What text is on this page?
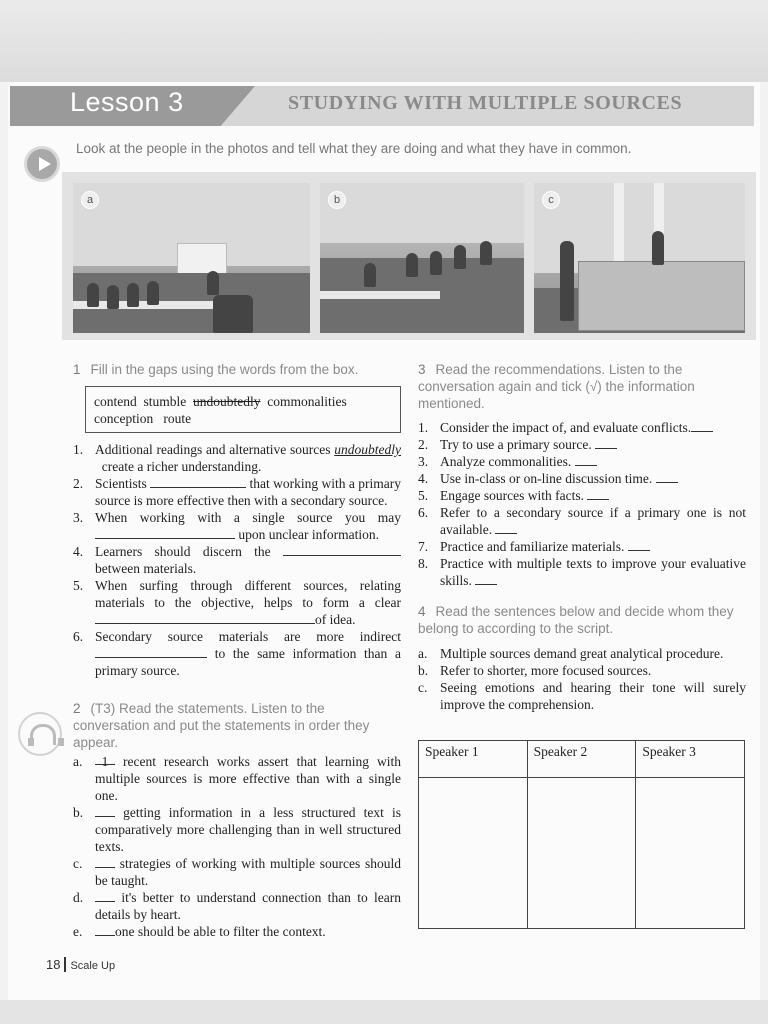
Lesson 3	STUDYING WITH MULTIPLE SOURCES
Look at the people in the photos and tell what they are doing and what they have in common.
a	b	c
1 Fill in the gaps using the words from the box.
contend stumble undoubtedly commonalities
conception route
1. Additional readings and alternative sources undoubtedly   create a richer understanding.
2. Scientists	that working with a primary source is more effective then with a secondary source.
3. When working with a single source you may  upon unclear information.
4. Learners should discern the  between materials.
5. When surfing through different sources, relating materials to the objective, helps to form a clear of idea.
6. Secondary source materials are more indirect  to the same information than a primary source.
2 (T3) Read the statements. Listen to the conversation and put the statements in order they appear.
a. 1 recent research works assert that learning with multiple sources is more effective than with a single one.
b.	getting information in a less structured text is comparatively more challenging than in well structured texts.
c.	strategies of working with multiple sources should be taught.
d.	it's better to understand connection than to learn details by heart.
e. one should be able to filter the context.
3 Read the recommendations. Listen to the conversation again and tick (√) the information mentioned.
1. Consider the impact of, and evaluate conflicts.
2. Try to use a primary source.
3. Analyze commonalities.
4. Use in-class or on-line discussion time.
5. Engage sources with facts.
6. Refer to a secondary source if a primary one is not available.
7. Practice and familiarize materials.
8. Practice with multiple texts to improve your evaluative skills.
4 Read the sentences below and decide whom they belong to according to the script.
a. Multiple sources demand great analytical procedure.
b. Refer to shorter, more focused sources.
c. Seeing emotions and hearing their tone will surely improve the comprehension.
Speaker 1	Speaker 2	Speaker 3

18 Scale Up
